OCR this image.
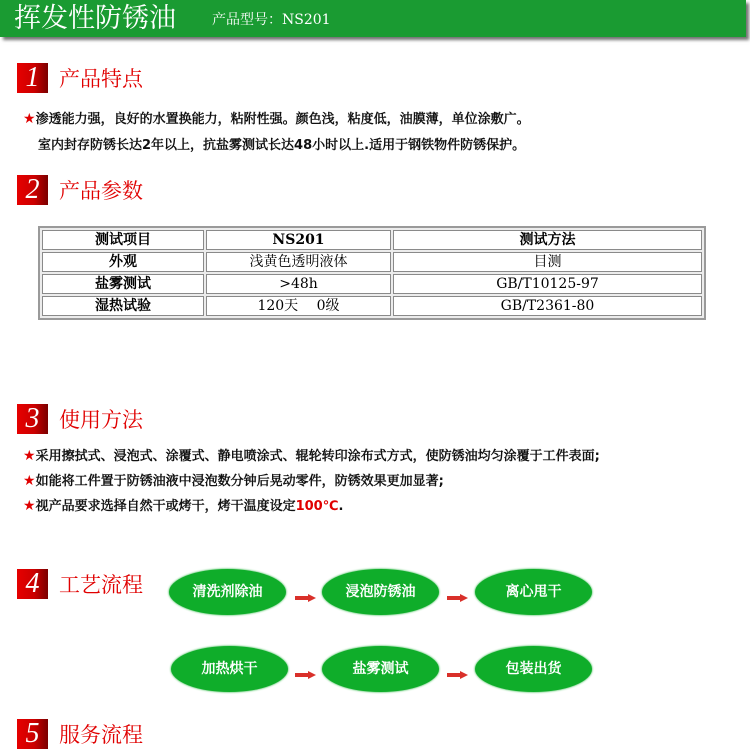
挥发性防锈油	产品型号：NS201
1 产品特点
★渗透能力强，良好的水置换能力，粘附性强。颜色浅，粘度低，油膜薄，单位涂敷广。
室内封存防锈长达2年以上，抗盐雾测试长达48小时以上.适用于钢铁物件防锈保护。
2 产品参数
测试项目	NS201	测试方法
外观	浅黄色透明液体	目测
盐雾测试	>48h	GB/T10125-97
湿热试验	120天　 0级	GB/T2361-80
3 使用方法
★采用擦拭式、浸泡式、涂覆式、静电喷涂式、辊轮转印涂布式方式，使防锈油均匀涂覆于工件表面;
★如能将工件置于防锈油液中浸泡数分钟后晃动零件，防锈效果更加显著;
★视产品要求选择自然干或烤干，烤干温度设定100℃.
4 工艺流程	清洗剂除油	浸泡防锈油	离心甩干
加热烘干	盐雾测试	包装出货
5 服务流程
